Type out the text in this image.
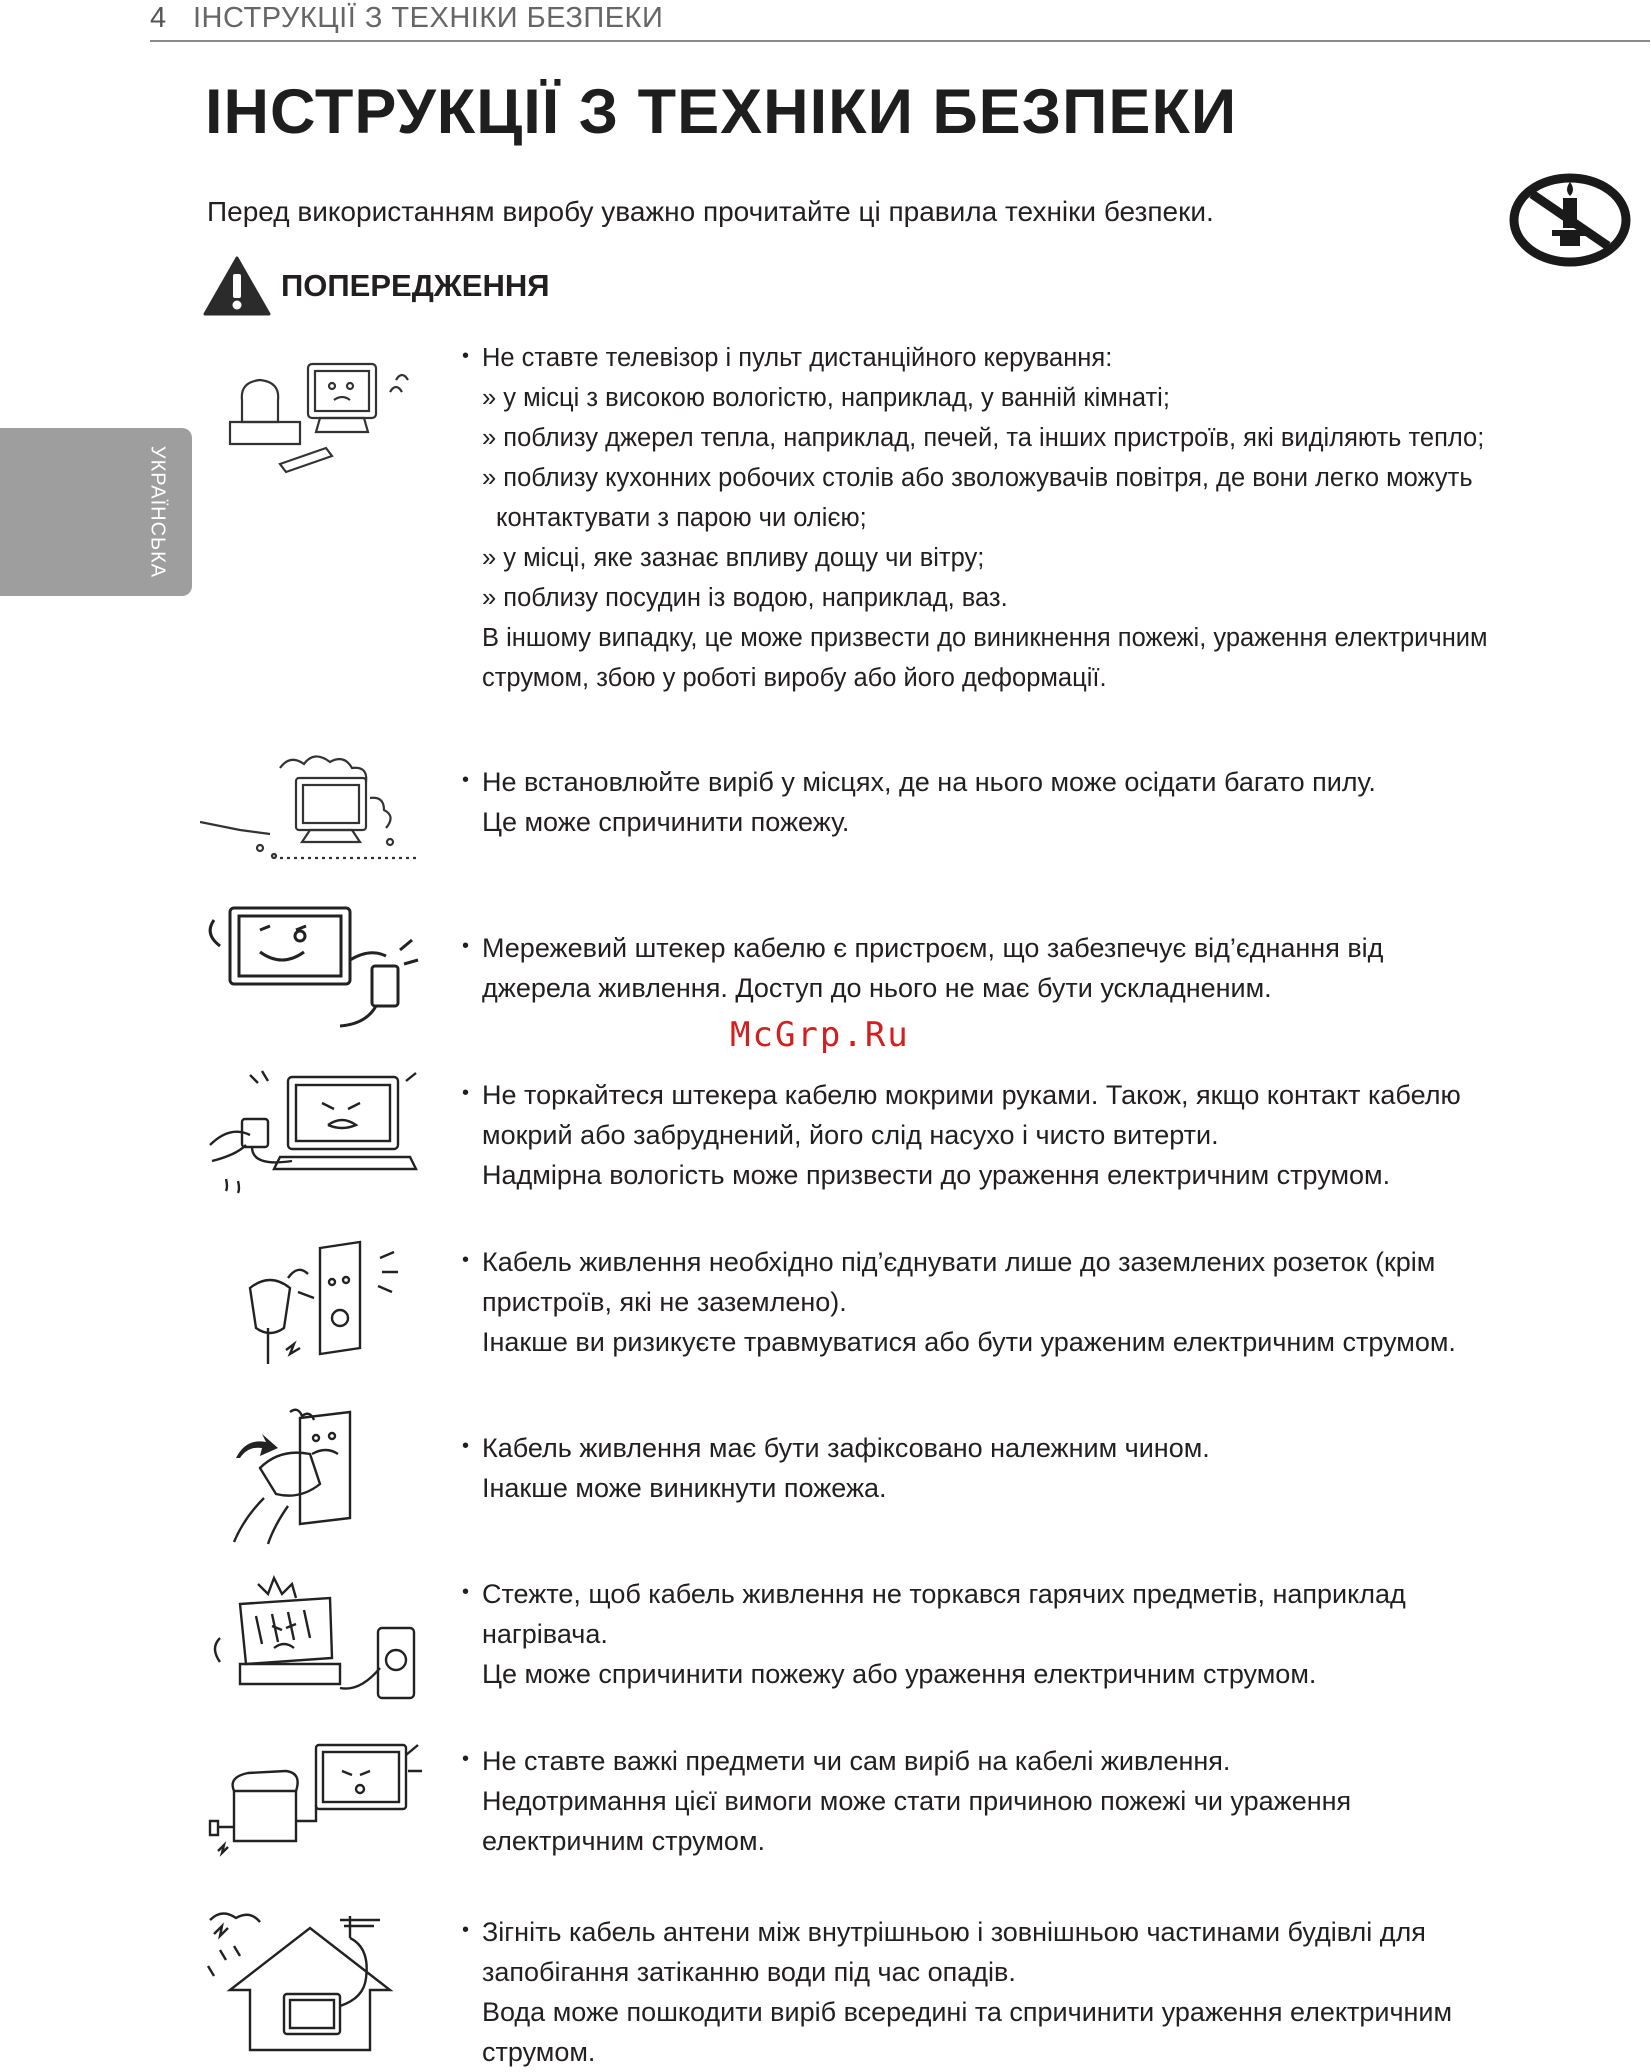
4 ІНСТРУКЦІЇ З ТЕХНІКИ БЕЗПЕКИ
ІНСТРУКЦІЇ З ТЕХНІКИ БЕЗПЕКИ
Перед використанням виробу уважно прочитайте ці правила техніки безпеки.
ПОПЕРЕДЖЕННЯ
УКРАЇНСЬКА
McGrp.Ru
• Не ставте телевізор і пульт дистанційного керування:
» у місці з високою вологістю, наприклад, у ванній кімнаті;
» поблизу джерел тепла, наприклад, печей, та інших пристроїв, які виділяють тепло;
» поблизу кухонних робочих столів або зволожувачів повітря, де вони легко можуть
контактувати з парою чи олією;
» у місці, яке зазнає впливу дощу чи вітру;
» поблизу посудин із водою, наприклад, ваз.
В іншому випадку, це може призвести до виникнення пожежі, ураження електричним
струмом, збою у роботі виробу або його деформації.
• Не встановлюйте виріб у місцях, де на нього може осідати багато пилу.
Це може спричинити пожежу.
• Мережевий штекер кабелю є пристроєм, що забезпечує від’єднання від
джерела живлення. Доступ до нього не має бути ускладненим.
• Не торкайтеся штекера кабелю мокрими руками. Також, якщо контакт кабелю
мокрий або забруднений, його слід насухо і чисто витерти.
Надмірна вологість може призвести до ураження електричним струмом.
• Кабель живлення необхідно під’єднувати лише до заземлених розеток (крім
пристроїв, які не заземлено).
Інакше ви ризикуєте травмуватися або бути ураженим електричним струмом.
• Кабель живлення має бути зафіксовано належним чином.
Інакше може виникнути пожежа.
• Стежте, щоб кабель живлення не торкався гарячих предметів, наприклад
нагрівача.
Це може спричинити пожежу або ураження електричним струмом.
• Не ставте важкі предмети чи сам виріб на кабелі живлення.
Недотримання цієї вимоги може стати причиною пожежі чи ураження
електричним струмом.
• Зігніть кабель антени між внутрішньою і зовнішньою частинами будівлі для
запобігання затіканню води під час опадів.
Вода може пошкодити виріб всередині та спричинити ураження електричним
струмом.
